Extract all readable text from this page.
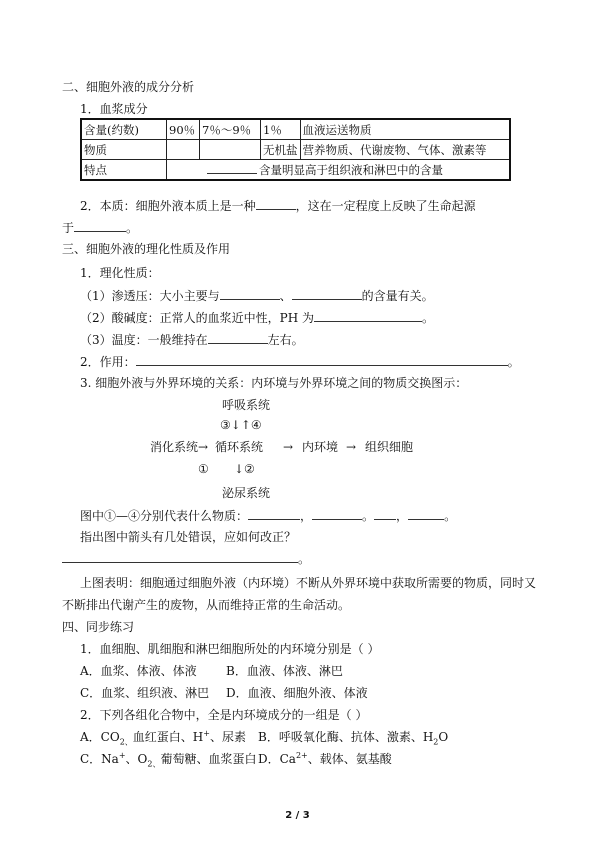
二、细胞外液的成分分析
1．血浆成分
含量(约数)	90％	7％～9％	1％	血液运送物质
物质			无机盐	营养物质、代谢废物、气体、激素等
特点	含量明显高于组织液和淋巴中的含量			
2．本质：细胞外液本质上是一种	，这在一定程度上反映了生命起源
于	。
三、细胞外液的理化性质及作用
1．理化性质：
（1）渗透压：大小主要与	、	的含量有关。
（2）酸碱度：正常人的血浆近中性，PH 为	。
（3）温度：一般维持在	左右。
2．作用：	。
3. 细胞外液与外界环境的关系：内环境与外界环境之间的物质交换图示：
呼吸系统
③↓↑④
消化系统→ 循环系统 → 内环境 → 组织细胞
① ↓②
泌尿系统
图中①—④分别代表什么物质：	，	。 ，	。
指出图中箭头有几处错误，应如何改正？
。
上图表明：细胞通过细胞外液（内环境）不断从外界环境中获取所需要的物质，同时又
不断排出代谢产生的废物，从而维持正常的生命活动。
四、同步练习
1．血细胞、肌细胞和淋巴细胞所处的内环境分别是（ ）
A．血浆、体液、体液 B．血液、体液、淋巴
C．血浆、组织液、淋巴 D．血液、细胞外液、体液
2．下列各组化合物中，全是内环境成分的一组是（ ）
A．$CO_{2、}$血红蛋白、H+、尿素 B．呼吸氧化酶、抗体、激素、$H_2O$
C．Na+、$O_{2、}$葡萄糖、血浆蛋白 D．$Ca^{2+}$、载体、氨基酸
2 / 3
